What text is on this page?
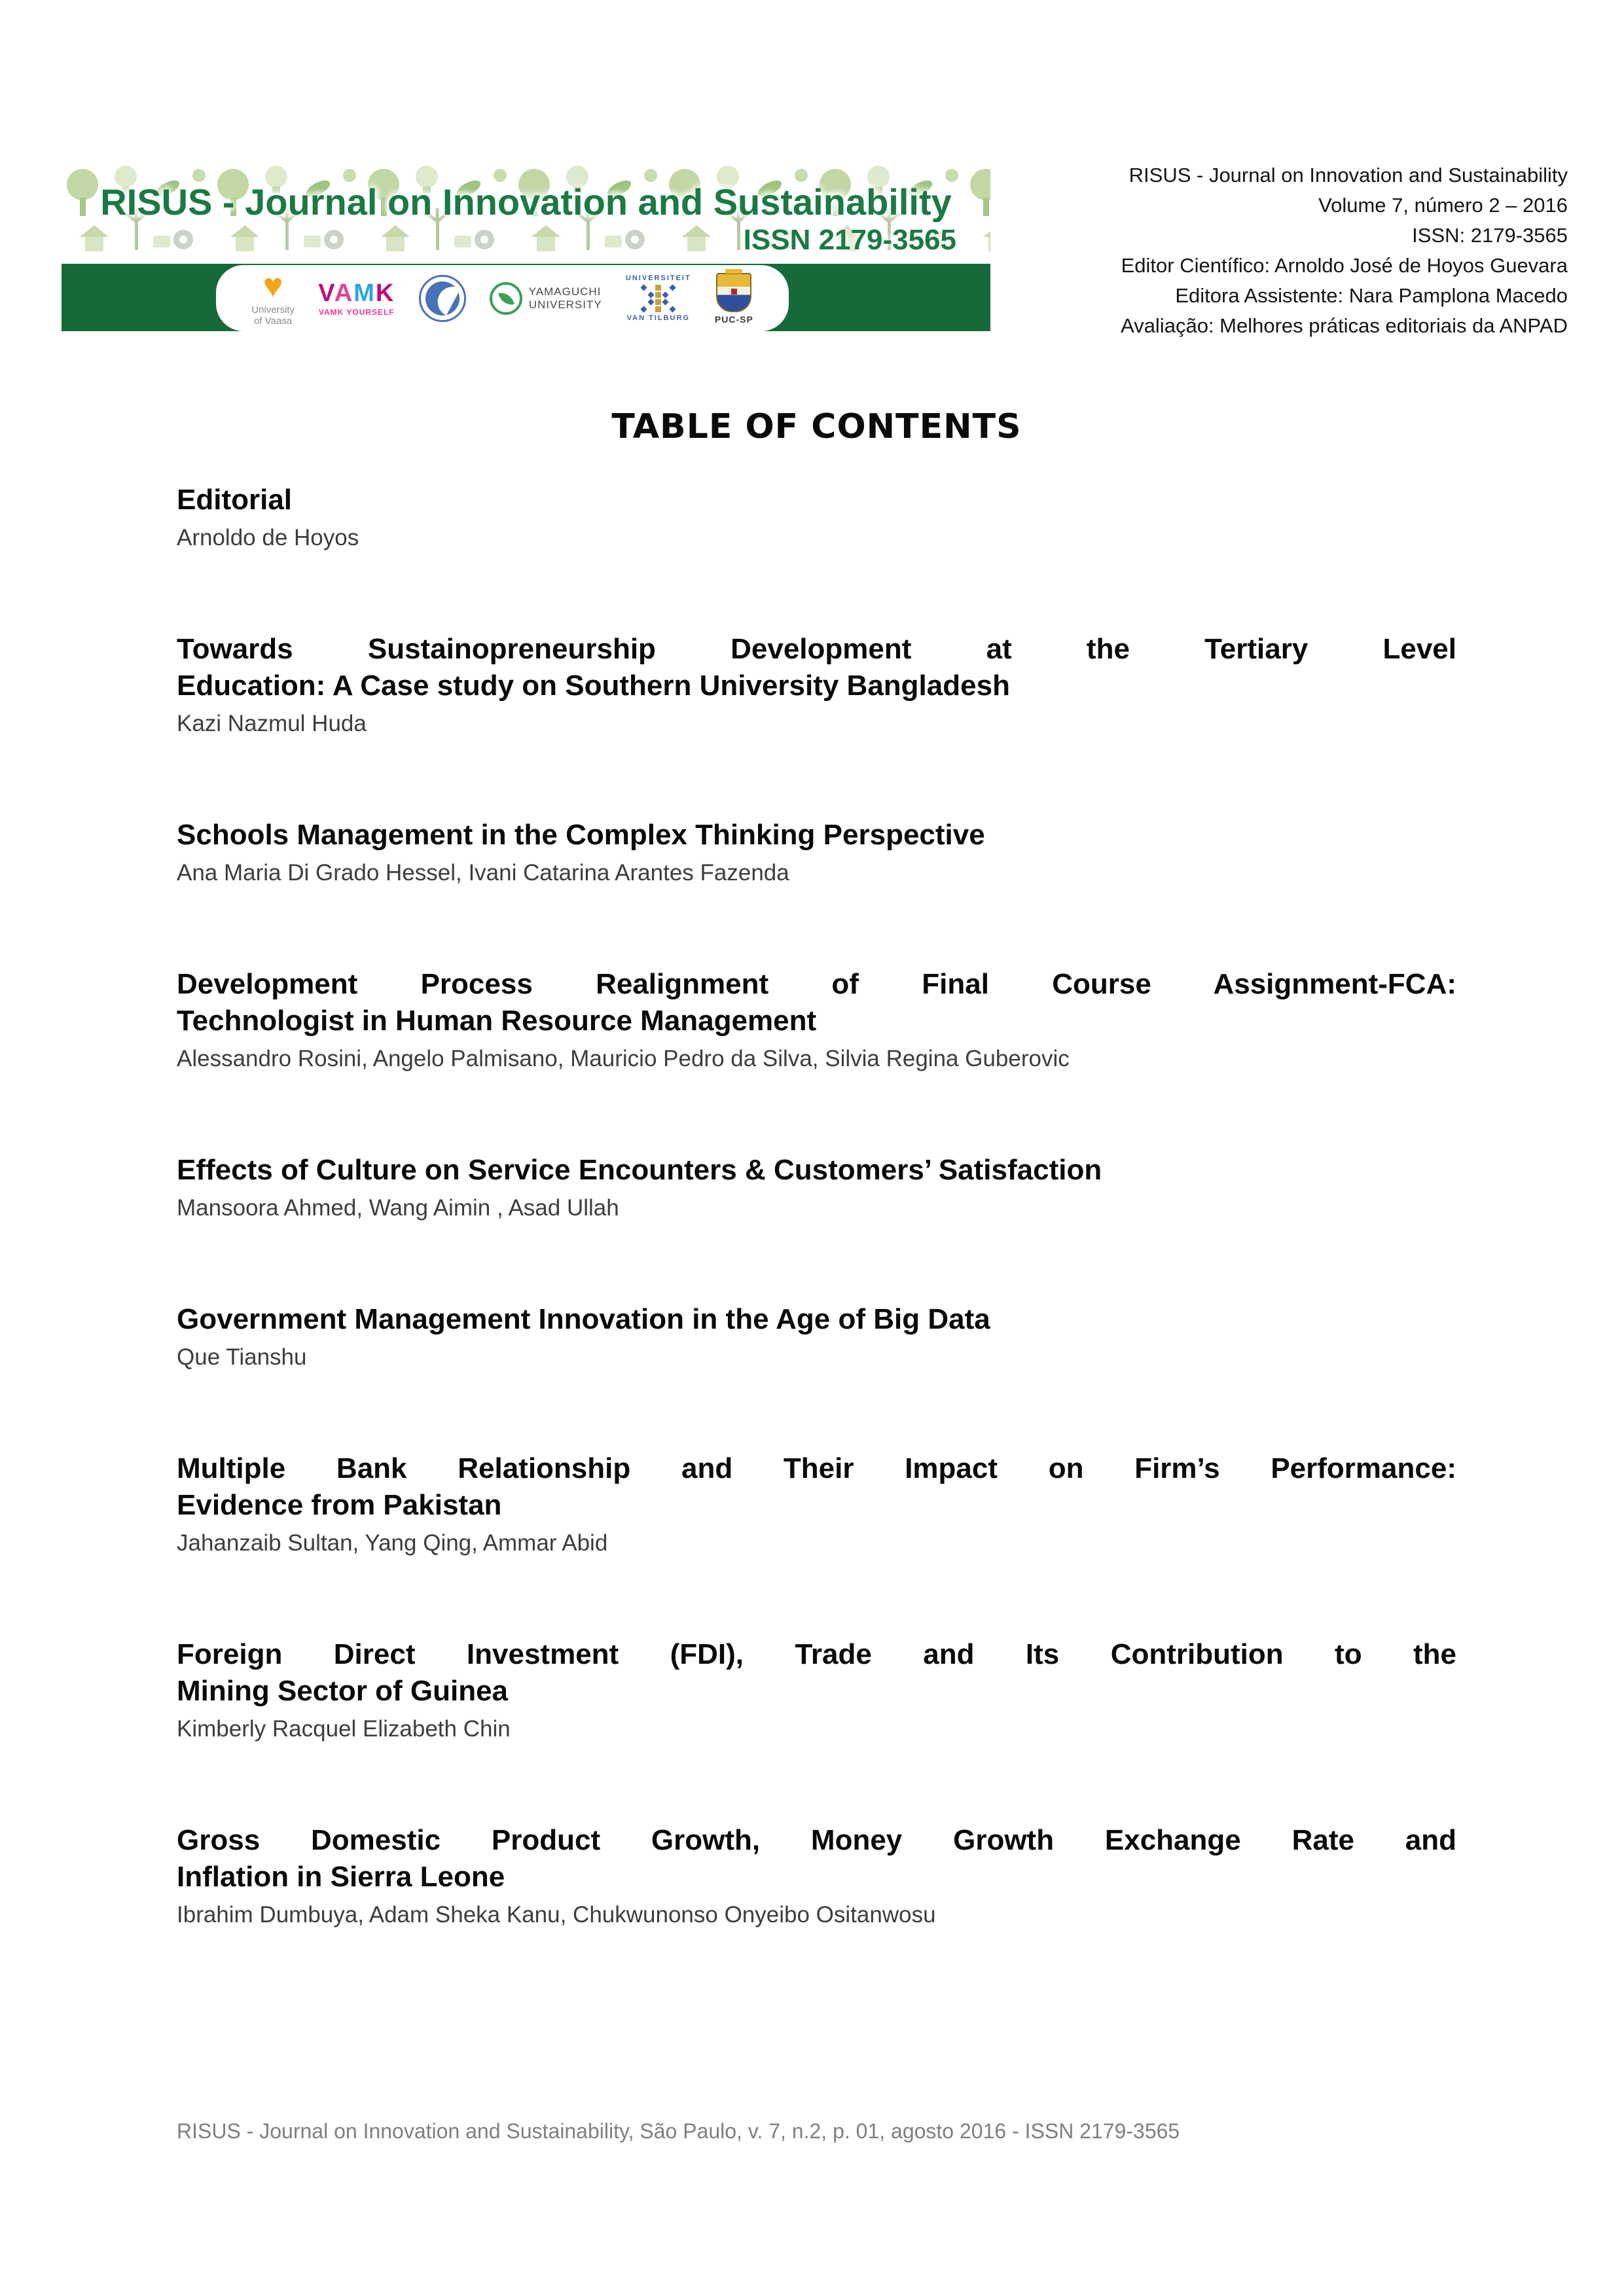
RISUS - Journal on Innovation and Sustainability
ISSN 2179-3565
♥
University
of Vaasa
VAMK
VAMK YOURSELF
YAMAGUCHI
UNIVERSITY
UNIVERSITEIT
VAN TILBURG	PUC-SP
RISUS - Journal on Innovation and Sustainability
Volume 7, número 2 – 2016
ISSN: 2179-3565
Editor Científico: Arnoldo José de Hoyos Guevara
Editora Assistente: Nara Pamplona Macedo
Avaliação: Melhores práticas editoriais da ANPAD
TABLE OF CONTENTS
Editorial
Arnoldo de Hoyos
Towards Sustainopreneurship Development at the Tertiary Level
Education: A Case study on Southern University Bangladesh
Kazi Nazmul Huda
Schools Management in the Complex Thinking Perspective
Ana Maria Di Grado Hessel, Ivani Catarina Arantes Fazenda
Development Process Realignment of Final Course Assignment-FCA:
Technologist in Human Resource Management
Alessandro Rosini, Angelo Palmisano, Mauricio Pedro da Silva, Silvia Regina Guberovic
Effects of Culture on Service Encounters & Customers’ Satisfaction
Mansoora Ahmed, Wang Aimin , Asad Ullah
Government Management Innovation in the Age of Big Data
Que Tianshu
Multiple Bank Relationship and Their Impact on Firm’s Performance:
Evidence from Pakistan
Jahanzaib Sultan, Yang Qing, Ammar Abid
Foreign Direct Investment (FDI), Trade and Its Contribution to the
Mining Sector of Guinea
Kimberly Racquel Elizabeth Chin
Gross Domestic Product Growth, Money Growth Exchange Rate and
Inflation in Sierra Leone
Ibrahim Dumbuya, Adam Sheka Kanu, Chukwunonso Onyeibo Ositanwosu
RISUS - Journal on Innovation and Sustainability, São Paulo, v. 7, n.2, p. 01, agosto 2016 - ISSN 2179-3565
